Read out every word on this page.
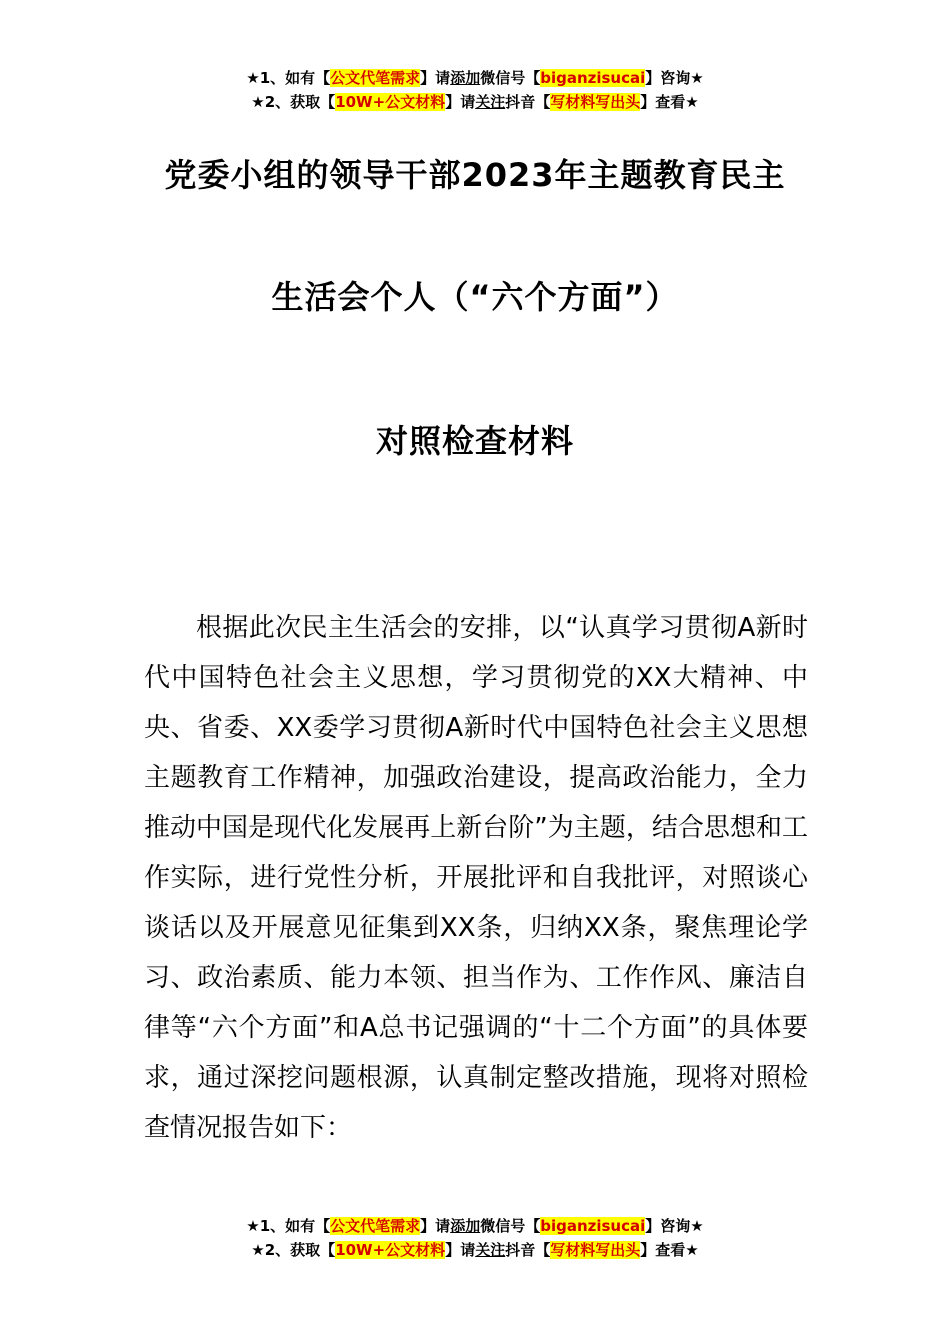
★1、如有【公文代笔需求】请添加微信号【biganzisucai】咨询★
★2、获取【10W+公文材料】请关注抖音【写材料写出头】查看★
党委小组的领导干部2023年主题教育民主
生活会个人（“六个方面”）
对照检查材料

根据此次民主生活会的安排，以“认真学习贯彻A新时代中国特色社会主义思想，学习贯彻党的XX大精神、中央、省委、XX委学习贯彻A新时代中国特色社会主义思想主题教育工作精神，加强政治建设，提高政治能力，全力推动中国是现代化发展再上新台阶”为主题，结合思想和工作实际，进行党性分析，开展批评和自我批评，对照谈心谈话以及开展意见征集到XX条，归纳XX条，聚焦理论学习、政治素质、能力本领、担当作为、工作作风、廉洁自律等“六个方面”和A总书记强调的“十二个方面”的具体要求，通过深挖问题根源，认真制定整改措施，现将对照检查情况报告如下：

★1、如有【公文代笔需求】请添加微信号【biganzisucai】咨询★
★2、获取【10W+公文材料】请关注抖音【写材料写出头】查看★
